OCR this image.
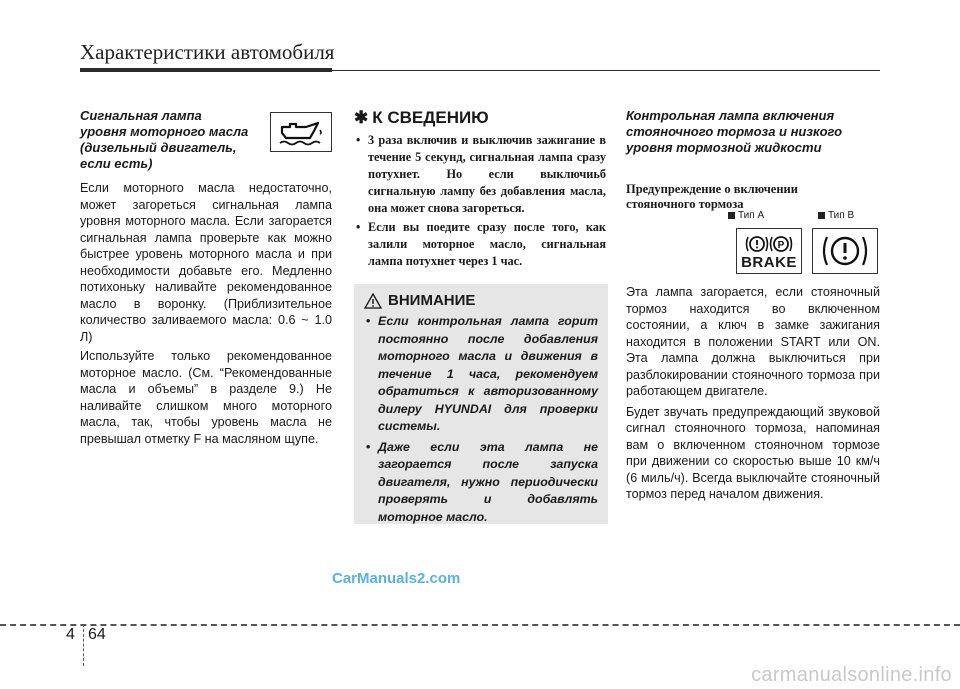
Характеристики автомобиля

Сигнальная лампа
уровня моторного масла
(дизельный двигатель,
если есть)

Если моторного масла недостаточно, может загореться сигнальная лампа уровня моторного масла. Если загорается сигнальная лампа проверьте как можно быстрее уровень моторного масла и при необходимости добавьте его. Медленно потихоньку наливайте рекомендованное масло в воронку. (Приблизительное количество заливаемого масла: 0.6 ~ 1.0 Л)

Используйте только рекомендованное моторное масло. (См. “Рекомендованные масла и объемы” в разделе 9.) Не наливайте слишком много моторного масла, так, чтобы уровень масла не превышал отметку F на масляном щупе.

✱ К СВЕДЕНИЮ
• 3 раза включив и выключив зажигание в течение 5 секунд, сигнальная лампа сразу потухнет. Но если выключиьб сигнальную лампу без добавления масла, она может снова загореться.
• Если вы поедите сразу после того, как залили моторное масло, сигнальная лампа потухнет через 1 час.
ВНИМАНИЕ
• Если контрольная лампа горит постоянно после добавления моторного масла и движения в течение 1 часа, рекомендуем обратиться к авторизованному дилеру HYUNDAI для проверки системы.
• Даже если эта лампа не загорается после запуска двигателя, нужно периодически проверять и добавлять моторное масло.

Контрольная лампа включения
стояночного тормоза и низкого
уровня тормозной жидкости

Предупреждение о включении
стояночного тормоза

Тип A	Тип B
P
BRAKE

Эта лампа загорается, если стояночный тормоз находится во включенном состоянии, а ключ в замке зажигания находится в положении START или ON. Эта лампа должна выключиться при разблокировании стояночного тормоза при работающем двигателе.

Будет звучать предупреждающий звуковой сигнал стояночного тормоза, напоминая вам о включенном стояночном тормозе при движении со скоростью выше 10 км/ч (6 миль/ч). Всегда выключайте стояночный тормоз перед началом движения.

CarManuals2.com
4 64
carmanualsonline.info
